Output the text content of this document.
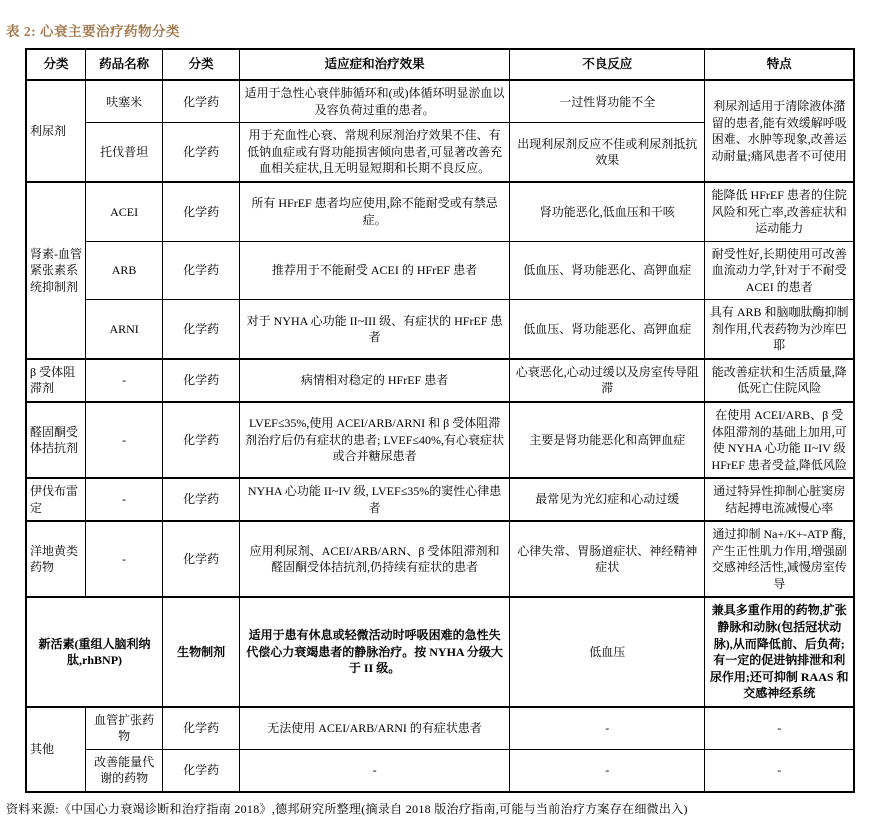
表 2: 心衰主要治疗药物分类
分类	药品名称	分类	适应症和治疗效果	不良反应	特点
利尿剂	呋塞米	化学药	适用于急性心衰伴肺循环和(或)体循环明显淤血以及容负荷过重的患者。	一过性肾功能不全	利尿剂适用于清除液体潴留的患者,能有效缓解呼吸困难、水肿等现象,改善运动耐量;痛风患者不可使用
	托伐普坦	化学药	用于充血性心衰、常规利尿剂治疗效果不佳、有低钠血症或有肾功能损害倾向患者,可显著改善充血相关症状,且无明显短期和长期不良反应。	出现利尿剂反应不佳或利尿剂抵抗效果	
肾素-血管紧张素系统抑制剂	ACEI	化学药	所有 HFrEF 患者均应使用,除不能耐受或有禁忌症。	肾功能恶化,低血压和干咳	能降低 HFrEF 患者的住院风险和死亡率,改善症状和运动能力
	ARB	化学药	推荐用于不能耐受 ACEI 的 HFrEF 患者	低血压、肾功能恶化、高钾血症	耐受性好,长期使用可改善血流动力学,针对于不耐受 ACEI 的患者
	ARNI	化学药	对于 NYHA 心功能 II~III 级、有症状的 HFrEF 患者	低血压、肾功能恶化、高钾血症	具有 ARB 和脑咖肽酶抑制剂作用,代表药物为沙库巴耶
β 受体阻滞剂	-	化学药	病情相对稳定的 HFrEF 患者	心衰恶化,心动过缓以及房室传导阻滞	能改善症状和生活质量,降低死亡住院风险
醛固酮受体拮抗剂	-	化学药	LVEF≤35%,使用 ACEI/ARB/ARNI 和 β 受体阻滞剂治疗后仍有症状的患者; LVEF≤40%,有心衰症状或合并糖尿患者	主要是肾功能恶化和高钾血症	在使用 ACEI/ARB、β 受体阻滞剂的基础上加用,可使 NYHA 心功能 II~IV 级 HFrEF 患者受益,降低风险
伊伐布雷定	-	化学药	NYHA 心功能 II~IV 级, LVEF≤35%的窦性心律患者	最常见为光幻症和心动过缓	通过特异性抑制心脏窦房结起搏电流减慢心率
洋地黄类药物	-	化学药	应用利尿剂、ACEI/ARB/ARN、β 受体阻滞剂和醛固酮受体拮抗剂,仍持续有症状的患者	心律失常、胃肠道症状、神经精神症状	通过抑制 Na+/K+-ATP 酶,产生正性肌力作用,增强副交感神经活性,减慢房室传导
新活素(重组人脑利纳肽,rhBNP)		生物制剂	适用于患有休息或轻微活动时呼吸困难的急性失代偿心力衰竭患者的静脉治疗。按 NYHA 分级大于 II 级。	低血压	兼具多重作用的药物,扩张静脉和动脉(包括冠状动脉),从而降低前、后负荷;有一定的促进钠排泄和利尿作用;还可抑制 RAAS 和交感神经系统
其他	血管扩张药物	化学药	无法使用 ACEI/ARB/ARNI 的有症状患者	-	-
	改善能量代谢的药物	化学药	-	-	-

资料来源:《中国心力衰竭诊断和治疗指南 2018》,德邦研究所整理(摘录自 2018 版治疗指南,可能与当前治疗方案存在细微出入)
